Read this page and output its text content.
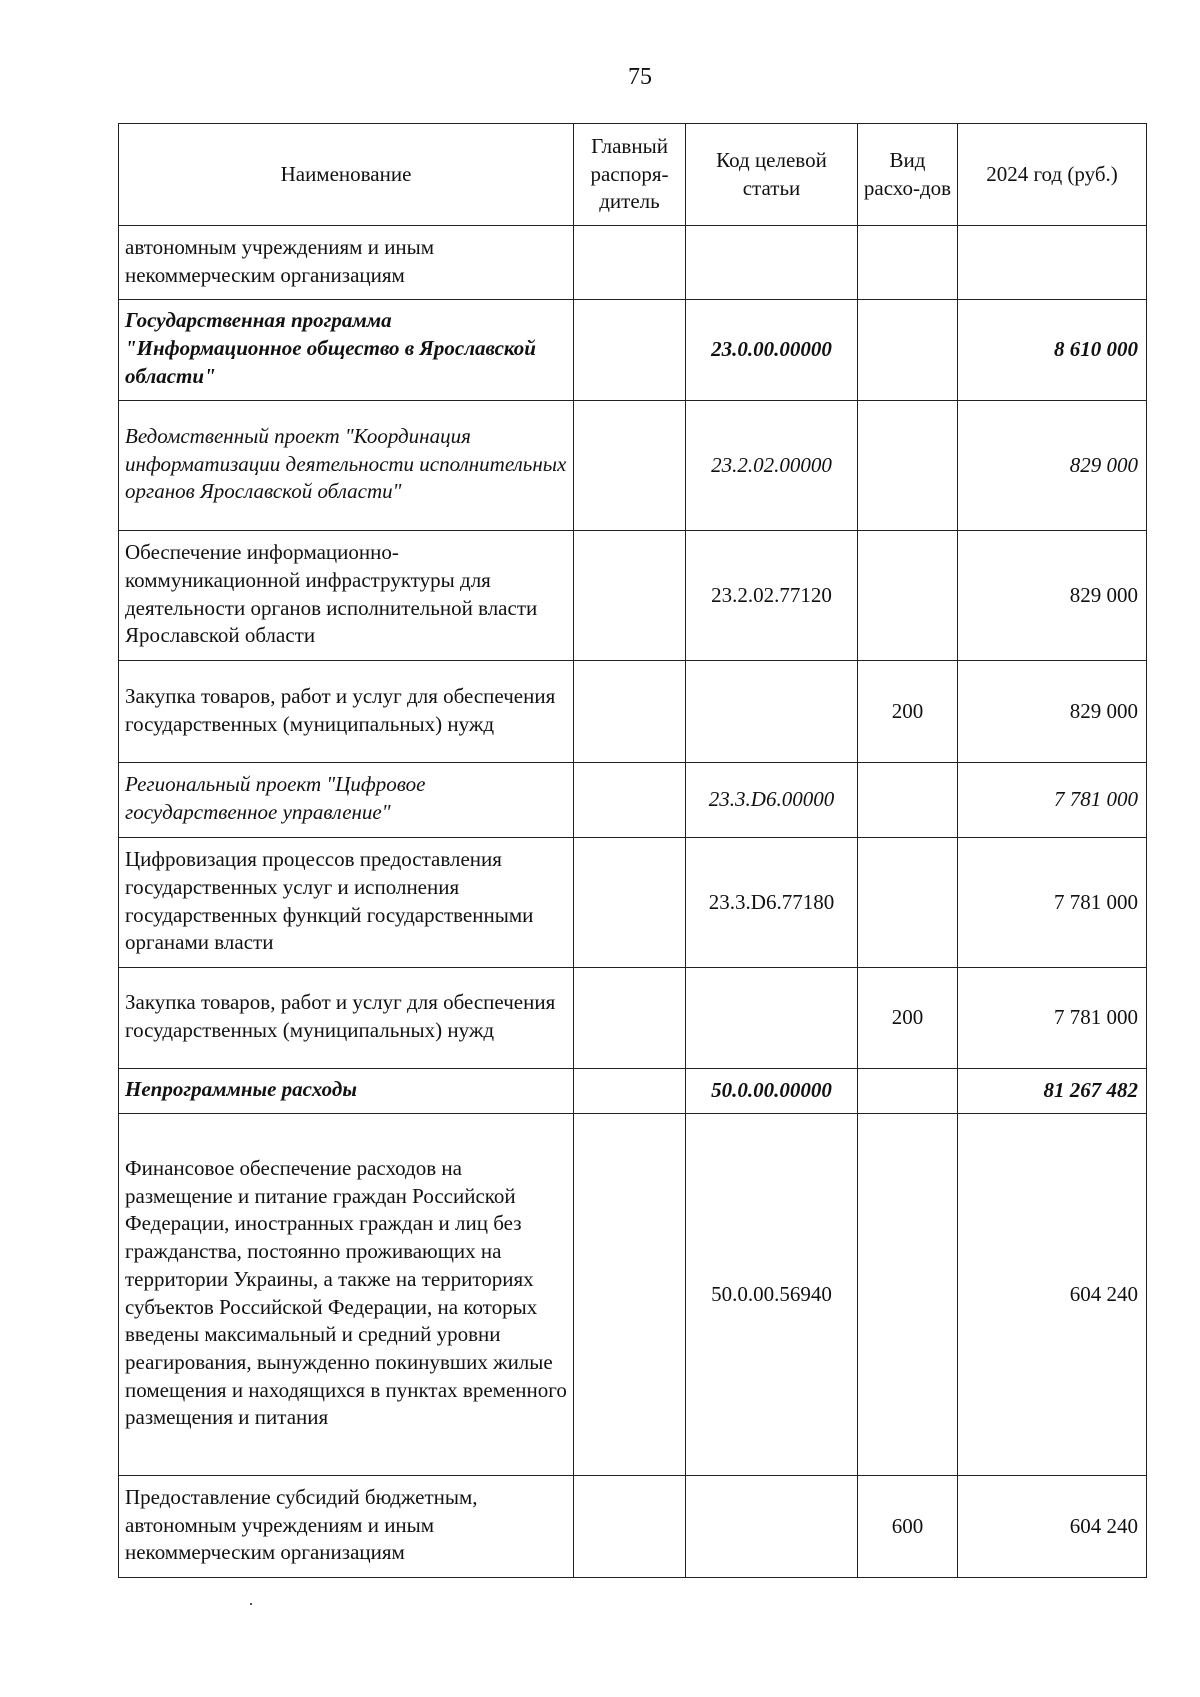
75
Наименование	Главный распоря-дитель	Код целевой статьи	Вид расхо-дов	2024 год (руб.)
автономным учреждениям и иным некоммерческим организациям				
Государственная программа "Информационное общество в Ярославской области"		23.0.00.00000		8 610 000
Ведомственный проект "Координация информатизации деятельности исполнительных органов Ярославской области"		23.2.02.00000		829 000
Обеспечение информационно-коммуникационной инфраструктуры для деятельности органов исполнительной власти Ярославской области		23.2.02.77120		829 000
Закупка товаров, работ и услуг для обеспечения государственных (муниципальных) нужд			200	829 000
Региональный проект "Цифровое государственное управление"		23.3.D6.00000		7 781 000
Цифровизация процессов предоставления государственных услуг и исполнения государственных функций государственными органами власти		23.3.D6.77180		7 781 000
Закупка товаров, работ и услуг для обеспечения государственных (муниципальных) нужд			200	7 781 000
Непрограммные расходы		50.0.00.00000		81 267 482
Финансовое обеспечение расходов на размещение и питание граждан Российской Федерации, иностранных граждан и лиц без гражданства, постоянно проживающих на территории Украины, а также на территориях субъектов Российской Федерации, на которых введены максимальный и средний уровни реагирования, вынужденно покинувших жилые помещения и находящихся в пунктах временного размещения и питания		50.0.00.56940		604 240
Предоставление субсидий бюджетным, автономным учреждениям и иным некоммерческим организациям			600	604 240
